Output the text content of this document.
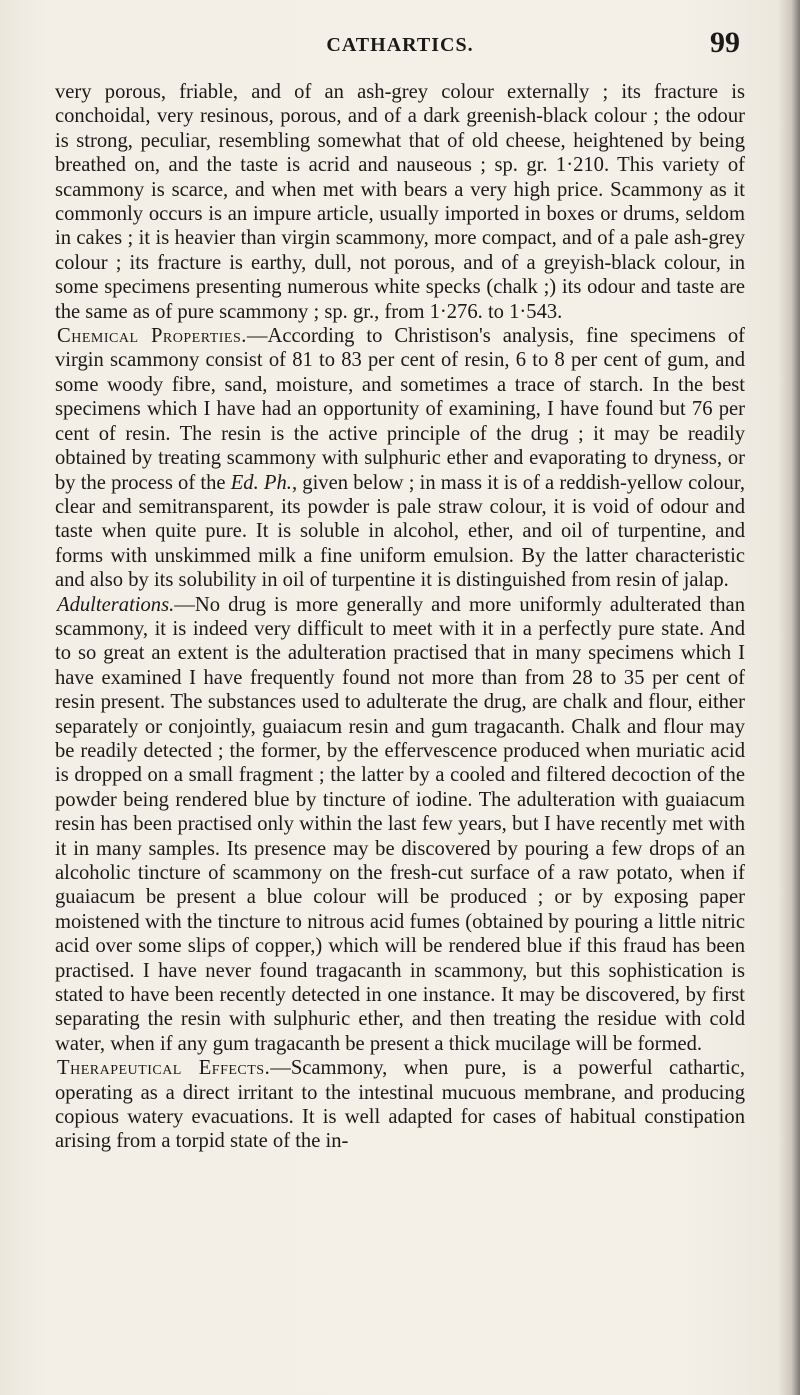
CATHARTICS.	99

very porous, friable, and of an ash-grey colour externally ; its fracture is conchoidal, very resinous, porous, and of a dark greenish-black colour ; the odour is strong, peculiar, resembling somewhat that of old cheese, heightened by being breathed on, and the taste is acrid and nauseous ; sp. gr. 1·210. This variety of scammony is scarce, and when met with bears a very high price. Scammony as it commonly occurs is an impure article, usually imported in boxes or drums, seldom in cakes ; it is heavier than virgin scammony, more compact, and of a pale ash-grey colour ; its fracture is earthy, dull, not porous, and of a greyish-black colour, in some specimens presenting numerous white specks (chalk ;) its odour and taste are the same as of pure scammony ; sp. gr., from 1·276. to 1·543.

Chemical Properties.—According to Christison's analysis, fine specimens of virgin scammony consist of 81 to 83 per cent of resin, 6 to 8 per cent of gum, and some woody fibre, sand, moisture, and sometimes a trace of starch. In the best specimens which I have had an opportunity of examining, I have found but 76 per cent of resin. The resin is the active principle of the drug ; it may be readily obtained by treating scammony with sulphuric ether and evaporating to dryness, or by the process of the Ed. Ph., given below ; in mass it is of a reddish-yellow colour, clear and semitransparent, its powder is pale straw colour, it is void of odour and taste when quite pure. It is soluble in alcohol, ether, and oil of turpentine, and forms with unskimmed milk a fine uniform emulsion. By the latter characteristic and also by its solubility in oil of turpentine it is distinguished from resin of jalap.

Adulterations.—No drug is more generally and more uniformly adulterated than scammony, it is indeed very difficult to meet with it in a perfectly pure state. And to so great an extent is the adulteration practised that in many specimens which I have examined I have frequently found not more than from 28 to 35 per cent of resin present. The substances used to adulterate the drug, are chalk and flour, either separately or conjointly, guaiacum resin and gum tragacanth. Chalk and flour may be readily detected ; the former, by the effervescence produced when muriatic acid is dropped on a small fragment ; the latter by a cooled and filtered decoction of the powder being rendered blue by tincture of iodine. The adulteration with guaiacum resin has been practised only within the last few years, but I have recently met with it in many samples. Its presence may be discovered by pouring a few drops of an alcoholic tincture of scammony on the fresh-cut surface of a raw potato, when if guaiacum be present a blue colour will be produced ; or by exposing paper moistened with the tincture to nitrous acid fumes (obtained by pouring a little nitric acid over some slips of copper,) which will be rendered blue if this fraud has been practised. I have never found tragacanth in scammony, but this sophistication is stated to have been recently detected in one instance. It may be discovered, by first separating the resin with sulphuric ether, and then treating the residue with cold water, when if any gum tragacanth be present a thick mucilage will be formed.

Therapeutical Effects.—Scammony, when pure, is a powerful cathartic, operating as a direct irritant to the intestinal mucuous membrane, and producing copious watery evacuations. It is well adapted for cases of habitual constipation arising from a torpid state of the in-
